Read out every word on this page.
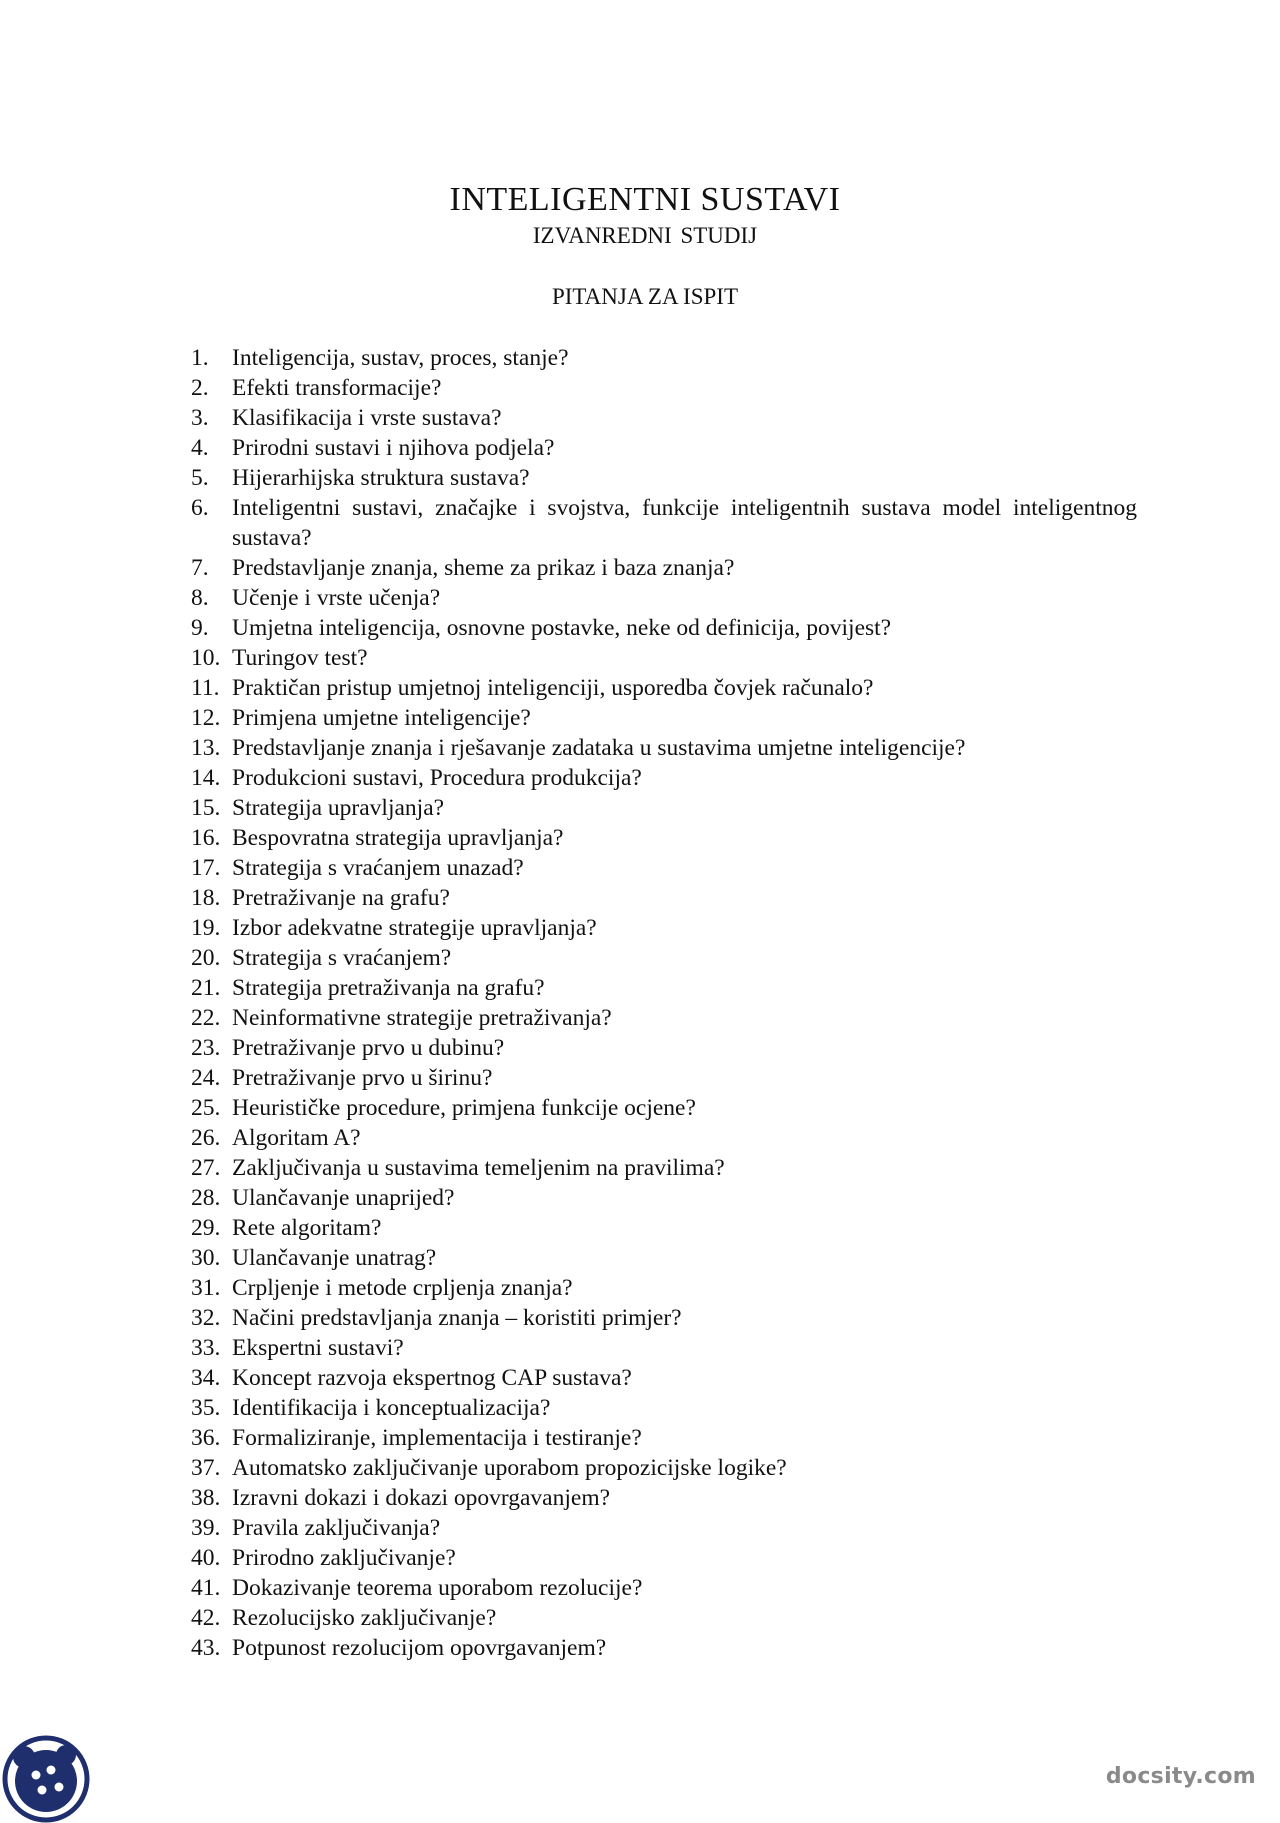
INTELIGENTNI SUSTAVI
IZVANREDNI STUDIJ
PITANJA ZA ISPIT
1. Inteligencija, sustav, proces, stanje?
2. Efekti transformacije?
3. Klasifikacija i vrste sustava?
4. Prirodni sustavi i njihova podjela?
5. Hijerarhijska struktura sustava?
6. Inteligentni sustavi, značajke i svojstva, funkcije inteligentnih sustava model inteligentnog sustava?
7. Predstavljanje znanja, sheme za prikaz i baza znanja?
8. Učenje i vrste učenja?
9. Umjetna inteligencija, osnovne postavke, neke od definicija, povijest?
10. Turingov test?
11. Praktičan pristup umjetnoj inteligenciji, usporedba čovjek računalo?
12. Primjena umjetne inteligencije?
13. Predstavljanje znanja i rješavanje zadataka u sustavima umjetne inteligencije?
14. Produkcioni sustavi, Procedura produkcija?
15. Strategija upravljanja?
16. Bespovratna strategija upravljanja?
17. Strategija s vraćanjem unazad?
18. Pretraživanje na grafu?
19. Izbor adekvatne strategije upravljanja?
20. Strategija s vraćanjem?
21. Strategija pretraživanja na grafu?
22. Neinformativne strategije pretraživanja?
23. Pretraživanje prvo u dubinu?
24. Pretraživanje prvo u širinu?
25. Heurističke procedure, primjena funkcije ocjene?
26. Algoritam A?
27. Zaključivanja u sustavima temeljenim na pravilima?
28. Ulančavanje unaprijed?
29. Rete algoritam?
30. Ulančavanje unatrag?
31. Crpljenje i metode crpljenja znanja?
32. Načini predstavljanja znanja – koristiti primjer?
33. Ekspertni sustavi?
34. Koncept razvoja ekspertnog CAP sustava?
35. Identifikacija i konceptualizacija?
36. Formaliziranje, implementacija i testiranje?
37. Automatsko zaključivanje uporabom propozicijske logike?
38. Izravni dokazi i dokazi opovrgavanjem?
39. Pravila zaključivanja?
40. Prirodno zaključivanje?
41. Dokazivanje teorema uporabom rezolucije?
42. Rezolucijsko zaključivanje?
43. Potpunost rezolucijom opovrgavanjem?
docsity.com
